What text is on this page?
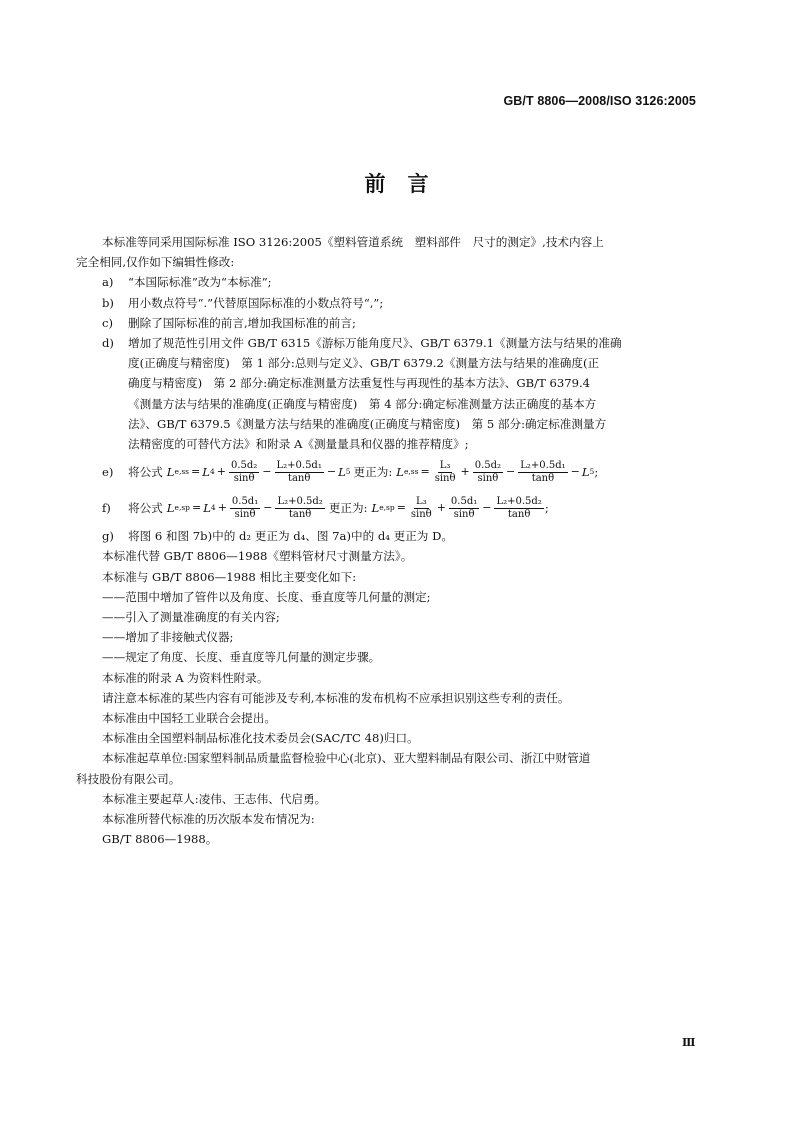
GB/T 8806—2008/ISO 3126:2005
前言

本标准等同采用国际标准 ISO 3126:2005《塑料管道系统　塑料部件　尺寸的测定》,技术内容上

完全相同,仅作如下编辑性修改:

a)	“本国际标准”改为“本标准”;
b)	用小数点符号“.”代替原国际标准的小数点符号“,”;
c)	删除了国际标准的前言,增加我国标准的前言;
d)	增加了规范性引用文件 GB/T 6315《游标万能角度尺》、GB/T 6379.1《测量方法与结果的准确
度(正确度与精密度)　第 1 部分:总则与定义》、GB/T 6379.2《测量方法与结果的准确度(正
确度与精密度)　第 2 部分:确定标准测量方法重复性与再现性的基本方法》、GB/T 6379.4
《测量方法与结果的准确度(正确度与精密度)　第 4 部分:确定标准测量方法正确度的基本方
法》、GB/T 6379.5《测量方法与结果的准确度(正确度与精密度)　第 5 部分:确定标准测量方
法精密度的可替代方法》和附录 A《测量量具和仪器的推荐精度》;
e)	将公式 L e,ss = L $4 + \frac{\text{0.5d₂}}{\sin\theta} - \frac{\text{L₂+0.5d₁}}{\tan\theta} - L$ 5 更正为: L $e,ss = \frac{\text{L₃}}{\sin\theta} + \frac{\text{0.5d₂}}{\sin\theta} - \frac{\text{L₂+0.5d₁}}{\tan\theta} - L$ 5 ;
f)	将公式 L e,sp = L $4 + \frac{\text{0.5d₁}}{\sin\theta} - \frac{\text{L₂+0.5d₂}}{\tan\theta}$ 更正为: L $e,sp = \frac{\text{L₃}}{\sin\theta} + \frac{\text{0.5d₁}}{\sin\theta} - \frac{\text{L₂+0.5d₂}}{\tan\theta}$ ;
g)	将图 6 和图 7b)中的 d₂ 更正为 d₄、图 7a)中的 d₄ 更正为 D。

本标准代替 GB/T 8806—1988《塑料管材尺寸测量方法》。

本标准与 GB/T 8806—1988 相比主要变化如下:

——范围中增加了管件以及角度、长度、垂直度等几何量的测定;

——引入了测量准确度的有关内容;

——增加了非接触式仪器;

——规定了角度、长度、垂直度等几何量的测定步骤。

本标准的附录 A 为资料性附录。

请注意本标准的某些内容有可能涉及专利,本标准的发布机构不应承担识别这些专利的责任。

本标准由中国轻工业联合会提出。

本标准由全国塑料制品标准化技术委员会(SAC/TC 48)归口。

本标准起草单位:国家塑料制品质量监督检验中心(北京)、亚大塑料制品有限公司、浙江中财管道

科技股份有限公司。

本标准主要起草人:凌伟、王志伟、代启勇。

本标准所替代标准的历次版本发布情况为:

GB/T 8806—1988。

Ⅲ
